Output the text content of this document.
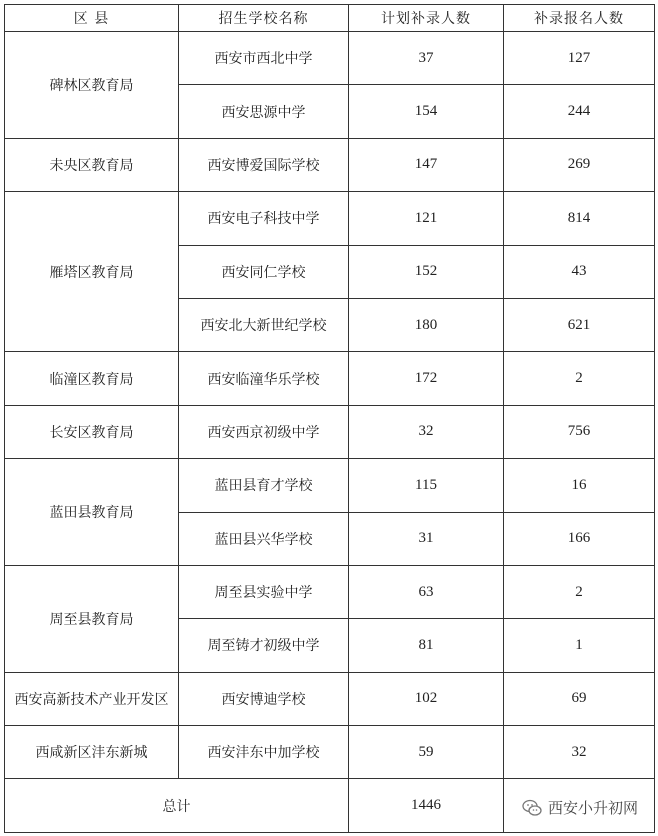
区 县	招生学校名称	计划补录人数	补录报名人数
碑林区教育局	西安市西北中学	37	127
	西安思源中学	154	244
未央区教育局	西安博爱国际学校	147	269
雁塔区教育局	西安电子科技中学	121	814
	西安同仁学校	152	43
	西安北大新世纪学校	180	621
临潼区教育局	西安临潼华乐学校	172	2
长安区教育局	西安西京初级中学	32	756
蓝田县教育局	蓝田县育才学校	115	16
	蓝田县兴华学校	31	166
周至县教育局	周至县实验中学	63	2
	周至铸才初级中学	81	1
西安高新技术产业开发区	西安博迪学校	102	69
西咸新区沣东新城	西安沣东中加学校	59	32
总计		1446		西安小升初网
